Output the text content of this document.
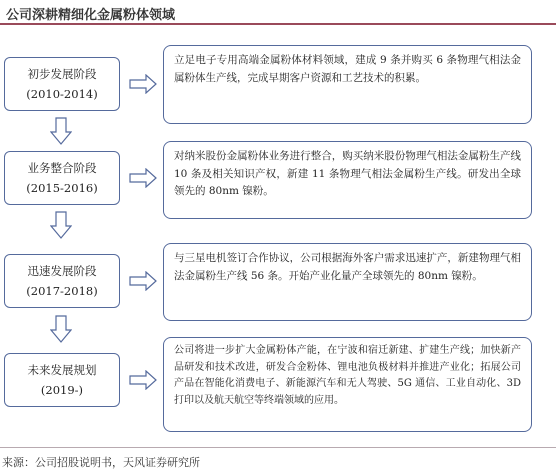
公司深耕精细化金属粉体领域
初步发展阶段
(2010-2014)
立足电子专用高端金属粉体材料领域，建成 9 条并购买 6 条物理气相法金属粉体生产线，完成早期客户资源和工艺技术的积累。
业务整合阶段
(2015-2016)
对纳米股份金属粉体业务进行整合，购买纳米股份物理气相法金属粉生产线 10 条及相关知识产权，新建 11 条物理气相法金属粉生产线。研发出全球领先的 80nm 镍粉。
迅速发展阶段
(2017-2018)
与三星电机签订合作协议，公司根据海外客户需求迅速扩产，新建物理气相法金属粉生产线 56 条。开始产业化量产全球领先的 80nm 镍粉。
未来发展规划
(2019-)
公司将进一步扩大金属粉体产能，在宁波和宿迁新建、扩建生产线；加快新产品研发和技术改进，研发合金粉体、锂电池负极材料并推进产业化；拓展公司产品在智能化消费电子、新能源汽车和无人驾驶、5G 通信、工业自动化、3D 打印以及航天航空等终端领域的应用。
来源：公司招股说明书，天风证券研究所
